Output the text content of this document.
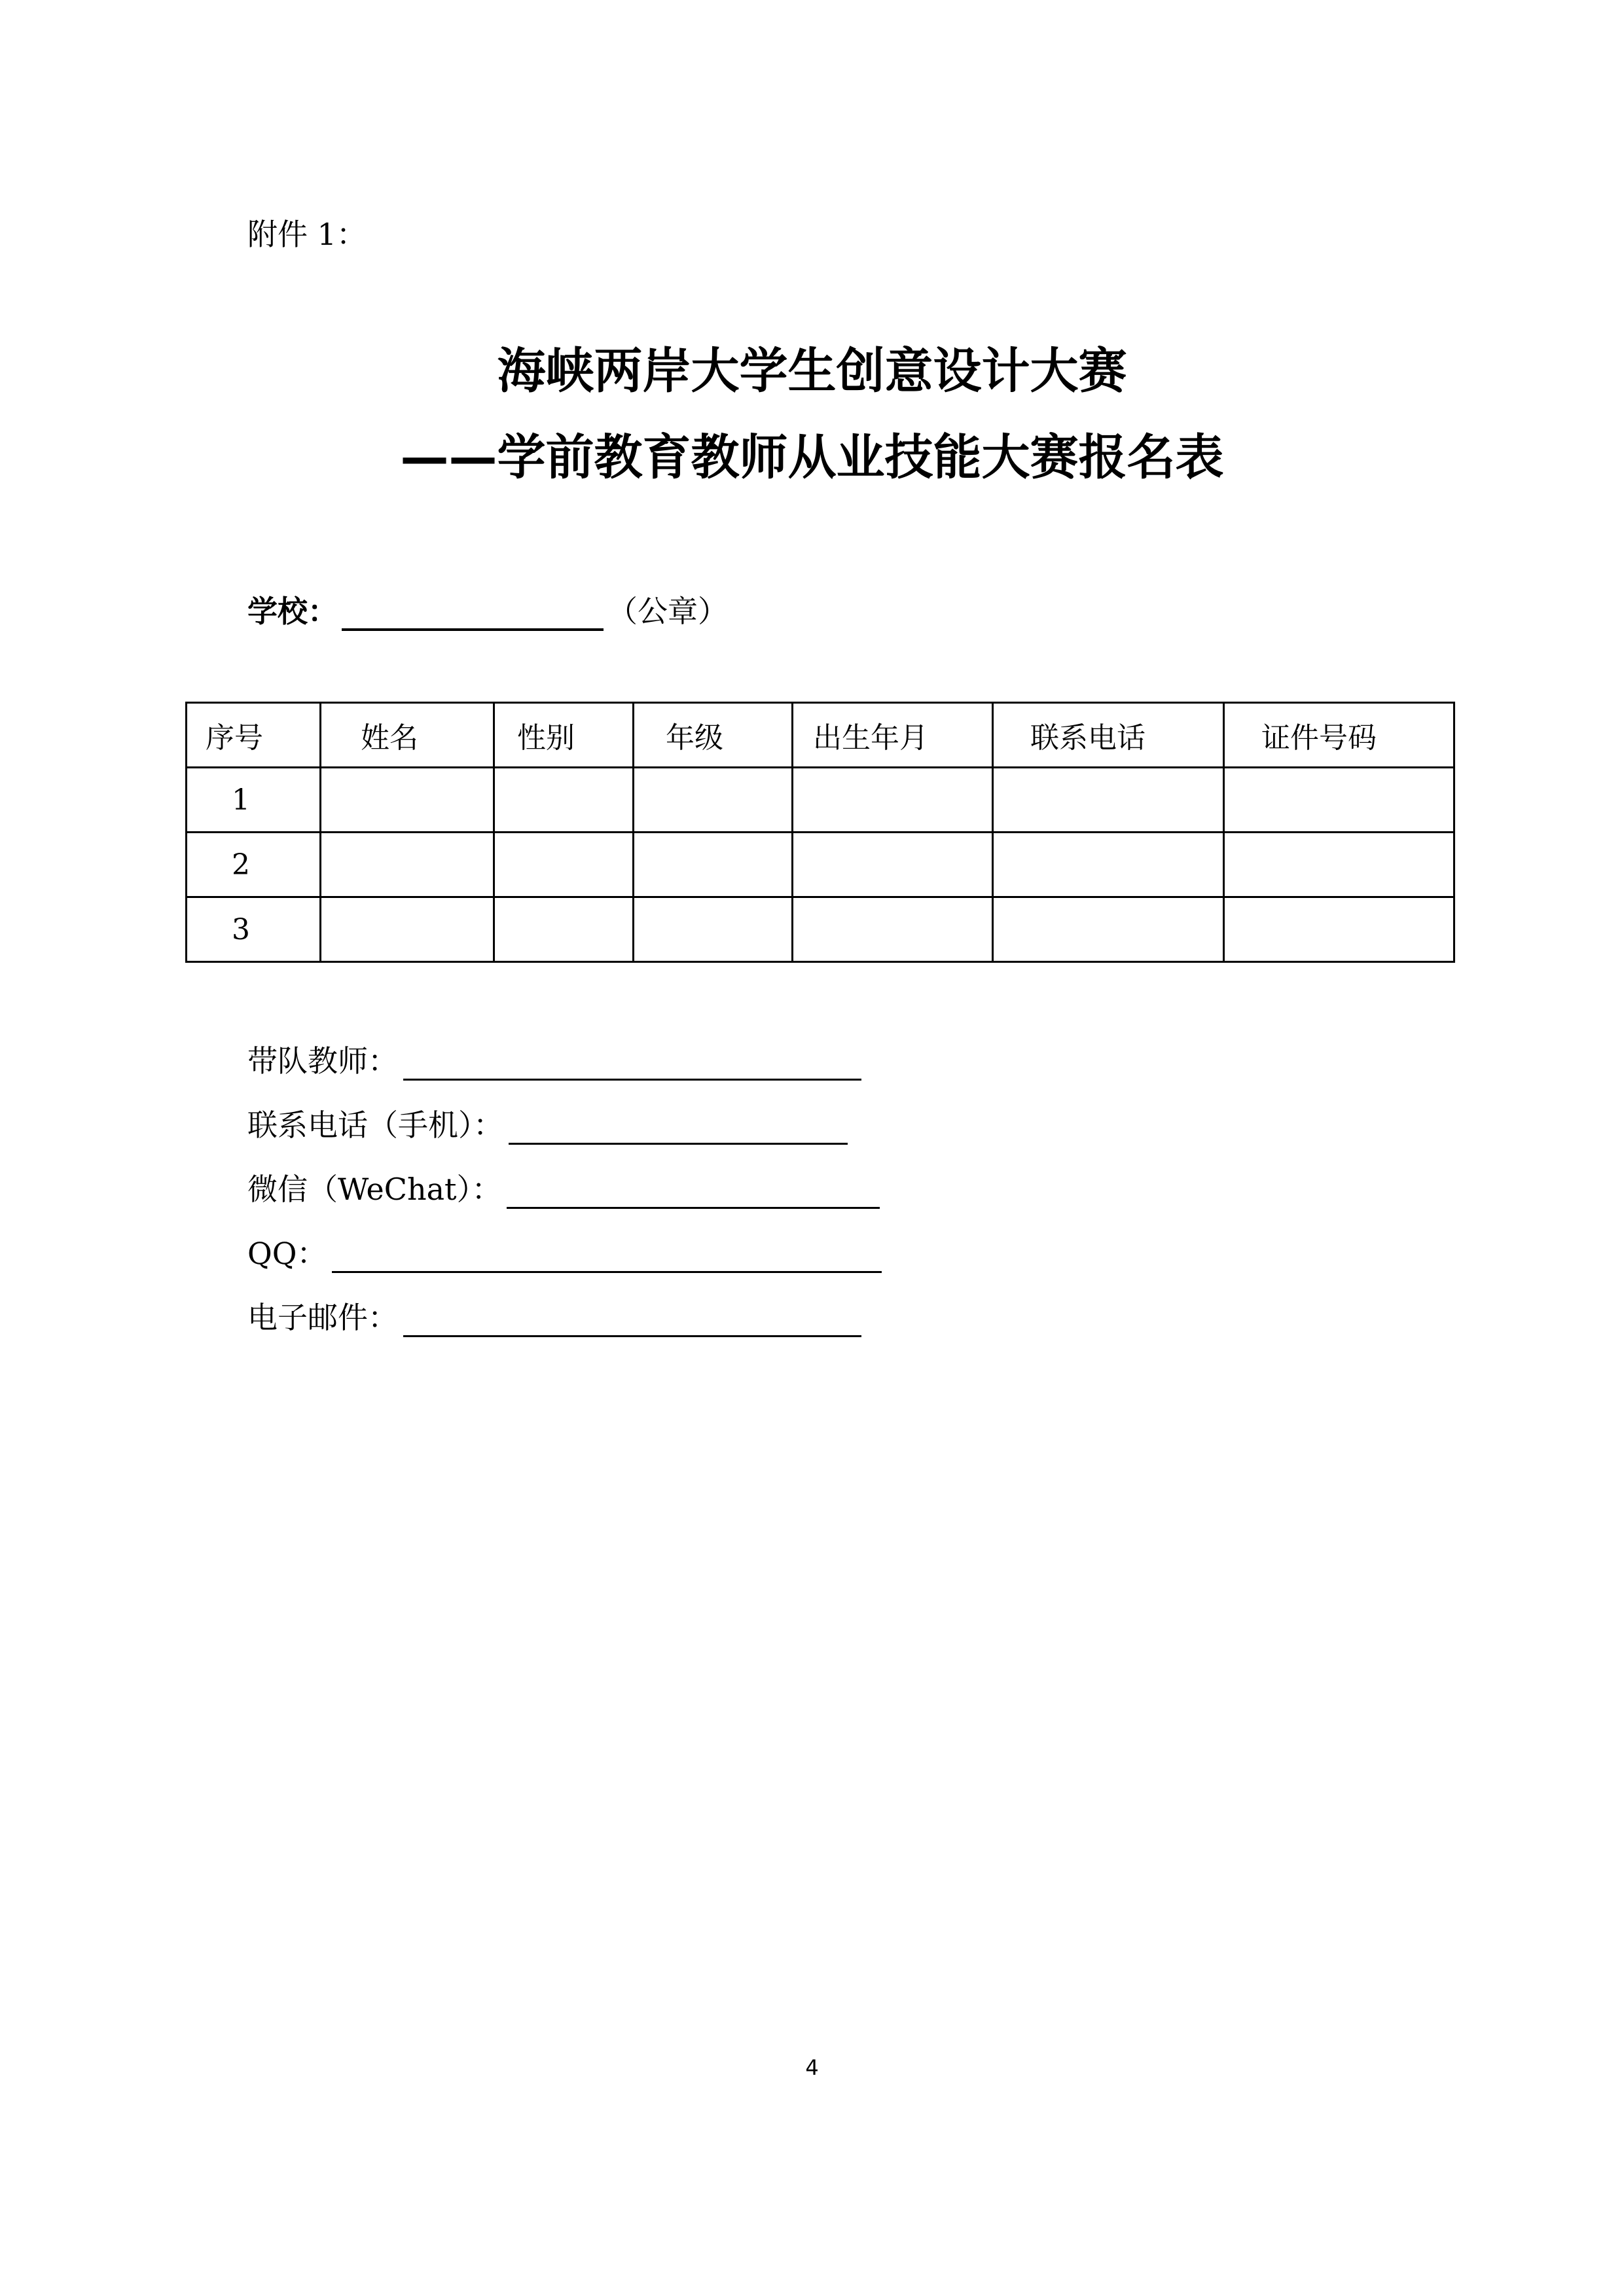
附件 1：
海峡两岸大学生创意设计大赛
——学前教育教师从业技能大赛报名表
学校：	（公章）
序号	姓名	性别	年级	出生年月	联系电话	证件号码
1						
2						
3						
带队教师：
联系电话（手机）：
微信（WeChat）：
QQ：
电子邮件：
4
